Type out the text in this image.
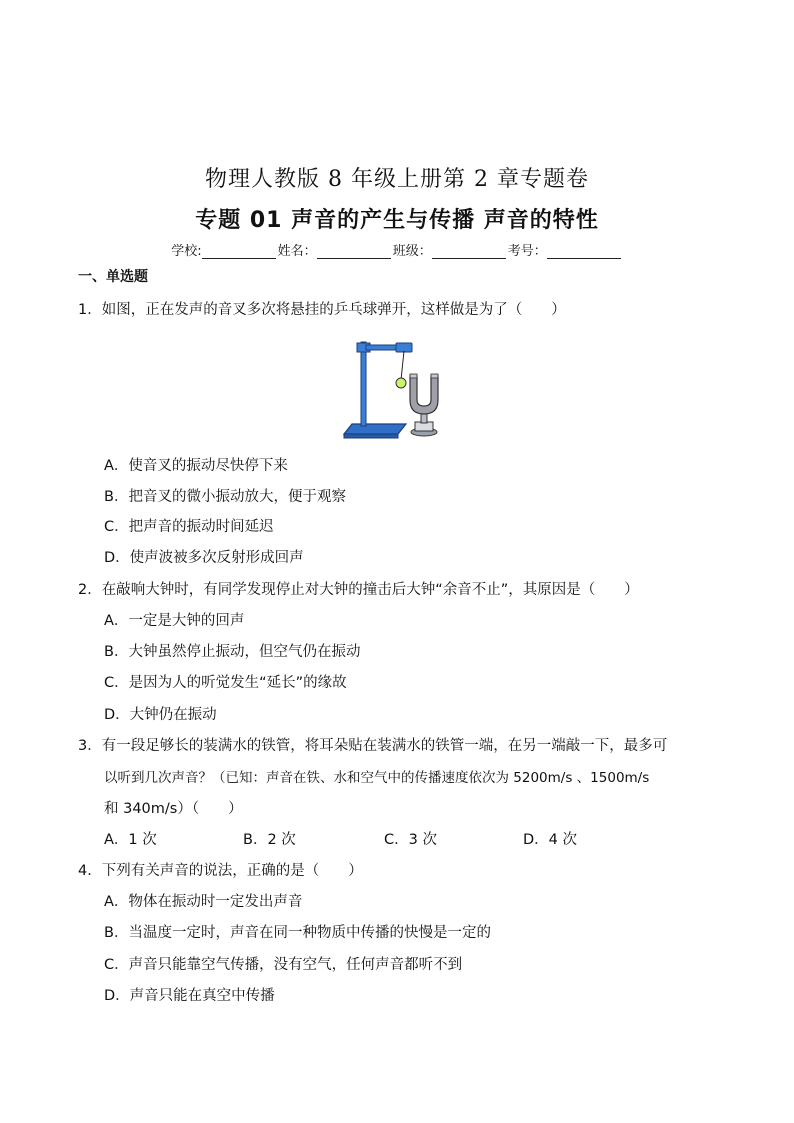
物理人教版 8 年级上册第 2 章专题卷
专题 01 声音的产生与传播 声音的特性
学校:	姓名：	班级：	考号：
一、单选题
1．如图，正在发声的音叉多次将悬挂的乒乓球弹开，这样做是为了（　　）
A．使音叉的振动尽快停下来
B．把音叉的微小振动放大，便于观察
C．把声音的振动时间延迟
D．使声波被多次反射形成回声
2．在敲响大钟时，有同学发现停止对大钟的撞击后大钟“余音不止”，其原因是（　　）
A．一定是大钟的回声
B．大钟虽然停止振动，但空气仍在振动
C．是因为人的听觉发生“延长”的缘故
D．大钟仍在振动
3．有一段足够长的装满水的铁管，将耳朵贴在装满水的铁管一端，在另一端敲一下，最多可
以听到几次声音？（已知：声音在铁、水和空气中的传播速度依次为 5200m/s 、1500m/s
和 340m/s）（　　）
A．1 次	B．2 次	C．3 次	D．4 次
4．下列有关声音的说法，正确的是（　　）
A．物体在振动时一定发出声音
B．当温度一定时，声音在同一种物质中传播的快慢是一定的
C．声音只能靠空气传播，没有空气，任何声音都听不到
D．声音只能在真空中传播
